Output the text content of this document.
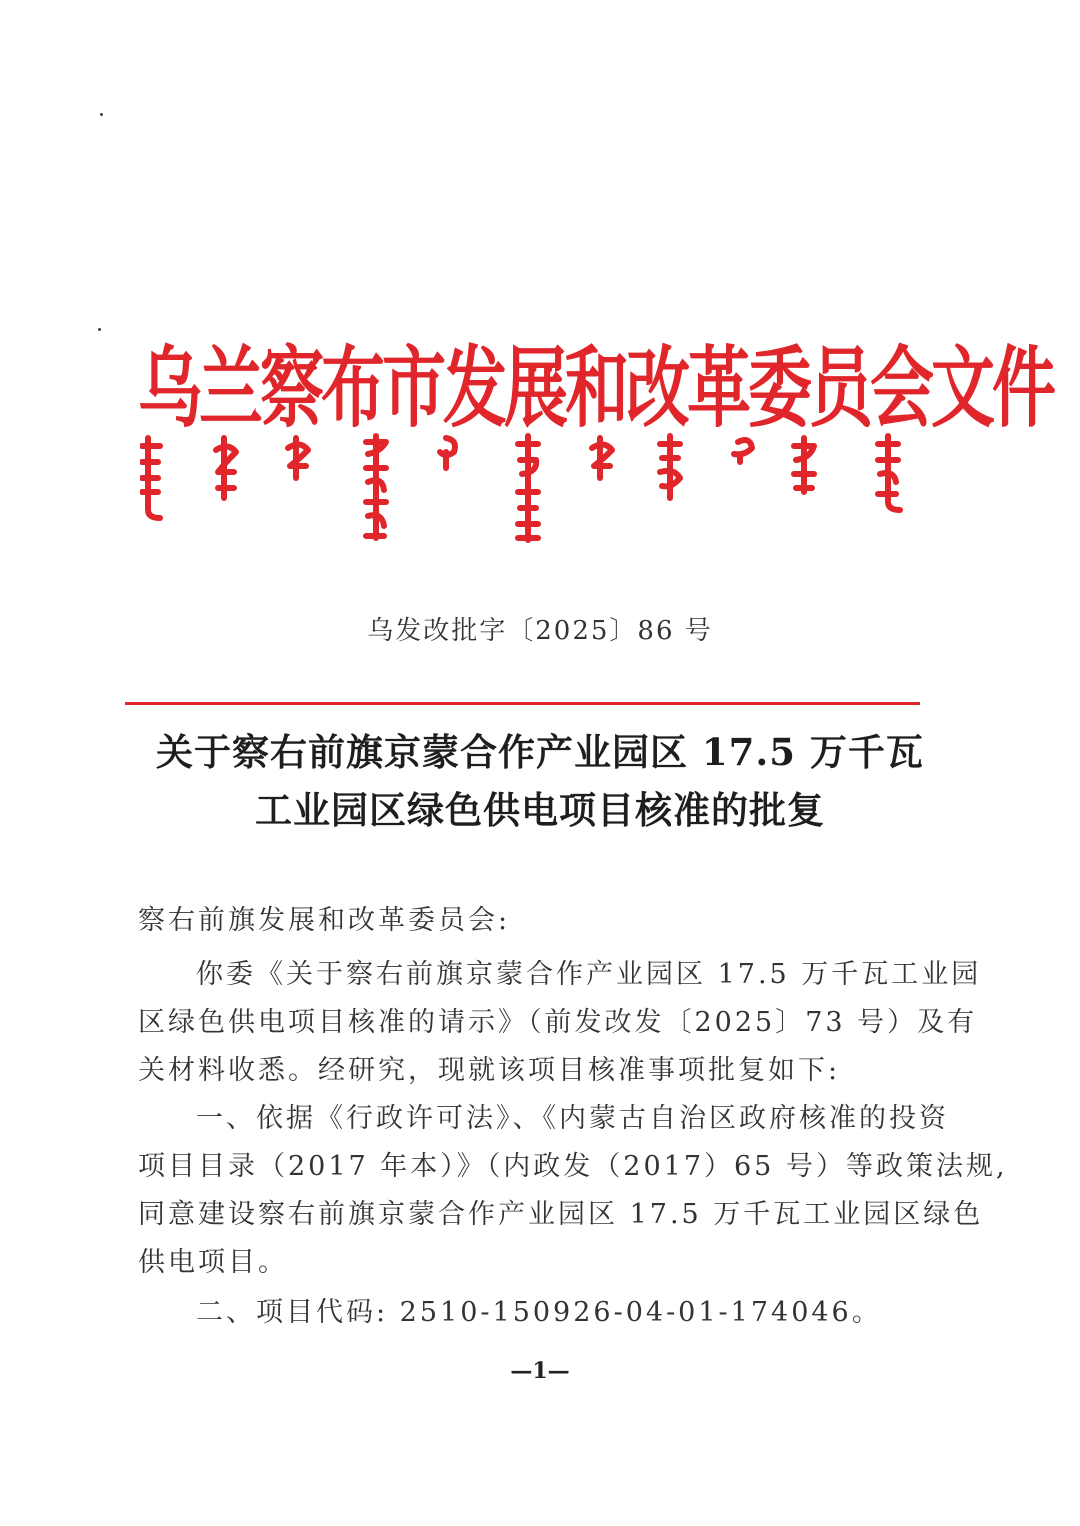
乌兰察布市发展和改革委员会文件
乌发改批字〔2025〕86 号
关于察右前旗京蒙合作产业园区 17.5 万千瓦
工业园区绿色供电项目核准的批复
察右前旗发展和改革委员会:
你委《关于察右前旗京蒙合作产业园区 17.5 万千瓦工业园
区绿色供电项目核准的请示》（前发改发〔2025〕73 号）及有
关材料收悉。经研究，现就该项目核准事项批复如下:
一、依据《行政许可法》、《内蒙古自治区政府核准的投资
项目目录（2017 年本）》（内政发（2017）65 号）等政策法规,
同意建设察右前旗京蒙合作产业园区 17.5 万千瓦工业园区绿色
供电项目。
二、项目代码: 2510-150926-04-01-174046。
—1—
